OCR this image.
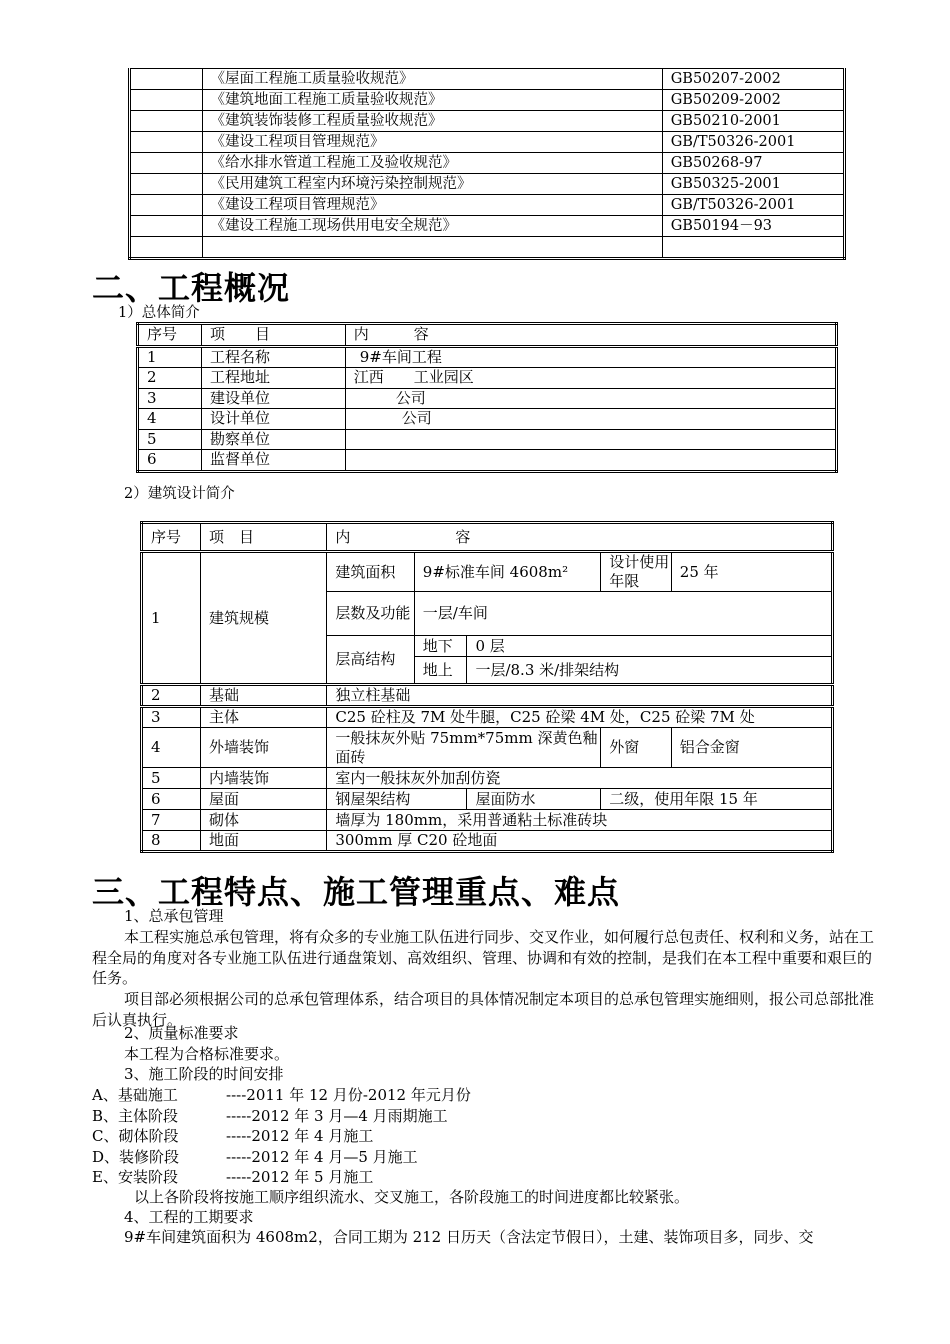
	《屋面工程施工质量验收规范》	GB50207-2002
	《建筑地面工程施工质量验收规范》	GB50209-2002
	《建筑装饰装修工程质量验收规范》	GB50210-2001
	《建设工程项目管理规范》	GB/T50326-2001
	《给水排水管道工程施工及验收规范》	GB50268-97
	《民用建筑工程室内环境污染控制规范》	GB50325-2001
	《建设工程项目管理规范》	GB/T50326-2001
	《建设工程施工现场供用电安全规范》	GB50194－93

二、工程概况
1）总体简介
序号	项　　目	内　　　容
1	工程名称	9#车间工程
2	工程地址	江西　　工业园区
3	建设单位	公司
4	设计单位	公司
5	勘察单位	
6	监督单位	
2）建筑设计简介
序号	项　目	内　　　　　　　容				
1	建筑规模	建筑面积	9#标准车间 4608m²		设计使用年限	25 年
		层数及功能	一层/车间			
		层高结构	地下	0 层		
			地上	一层/8.3 米/排架结构		
2	基础	独立柱基础				
3	主体	C25 砼柱及 7M 处牛腿，C25 砼梁 4M 处，C25 砼梁 7M 处				
4	外墙装饰	一般抹灰外贴 75mm*75mm 深黄色釉面砖			外窗	铝合金窗
5	内墙装饰	室内一般抹灰外加刮仿瓷				
6	屋面	钢屋架结构		屋面防水	二级，使用年限 15 年	
7	砌体	墙厚为 180mm，采用普通粘土标准砖块				
8	地面	300mm 厚 C20 砼地面				
三、工程特点、施工管理重点、难点

1、总承包管理

本工程实施总承包管理，将有众多的专业施工队伍进行同步、交叉作业，如何履行总包责任、权利和义务，站在工程全局的角度对各专业施工队伍进行通盘策划、高效组织、管理、协调和有效的控制，是我们在本工程中重要和艰巨的任务。

项目部必须根据公司的总承包管理体系，结合项目的具体情况制定本项目的总承包管理实施细则，报公司总部批准后认真执行。

2、质量标准要求

本工程为合格标准要求。

3、施工阶段的时间安排

A、基础施工	----2011 年 12 月份-2012 年元月份
B、主体阶段	-----2012 年 3 月—4 月雨期施工
C、砌体阶段	-----2012 年 4 月施工
D、装修阶段	-----2012 年 4 月—5 月施工
E、安装阶段	-----2012 年 5 月施工

以上各阶段将按施工顺序组织流水、交叉施工，各阶段施工的时间进度都比较紧张。

4、工程的工期要求

9#车间建筑面积为 4608m2，合同工期为 212 日历天（含法定节假日），土建、装饰项目多，同步、交
